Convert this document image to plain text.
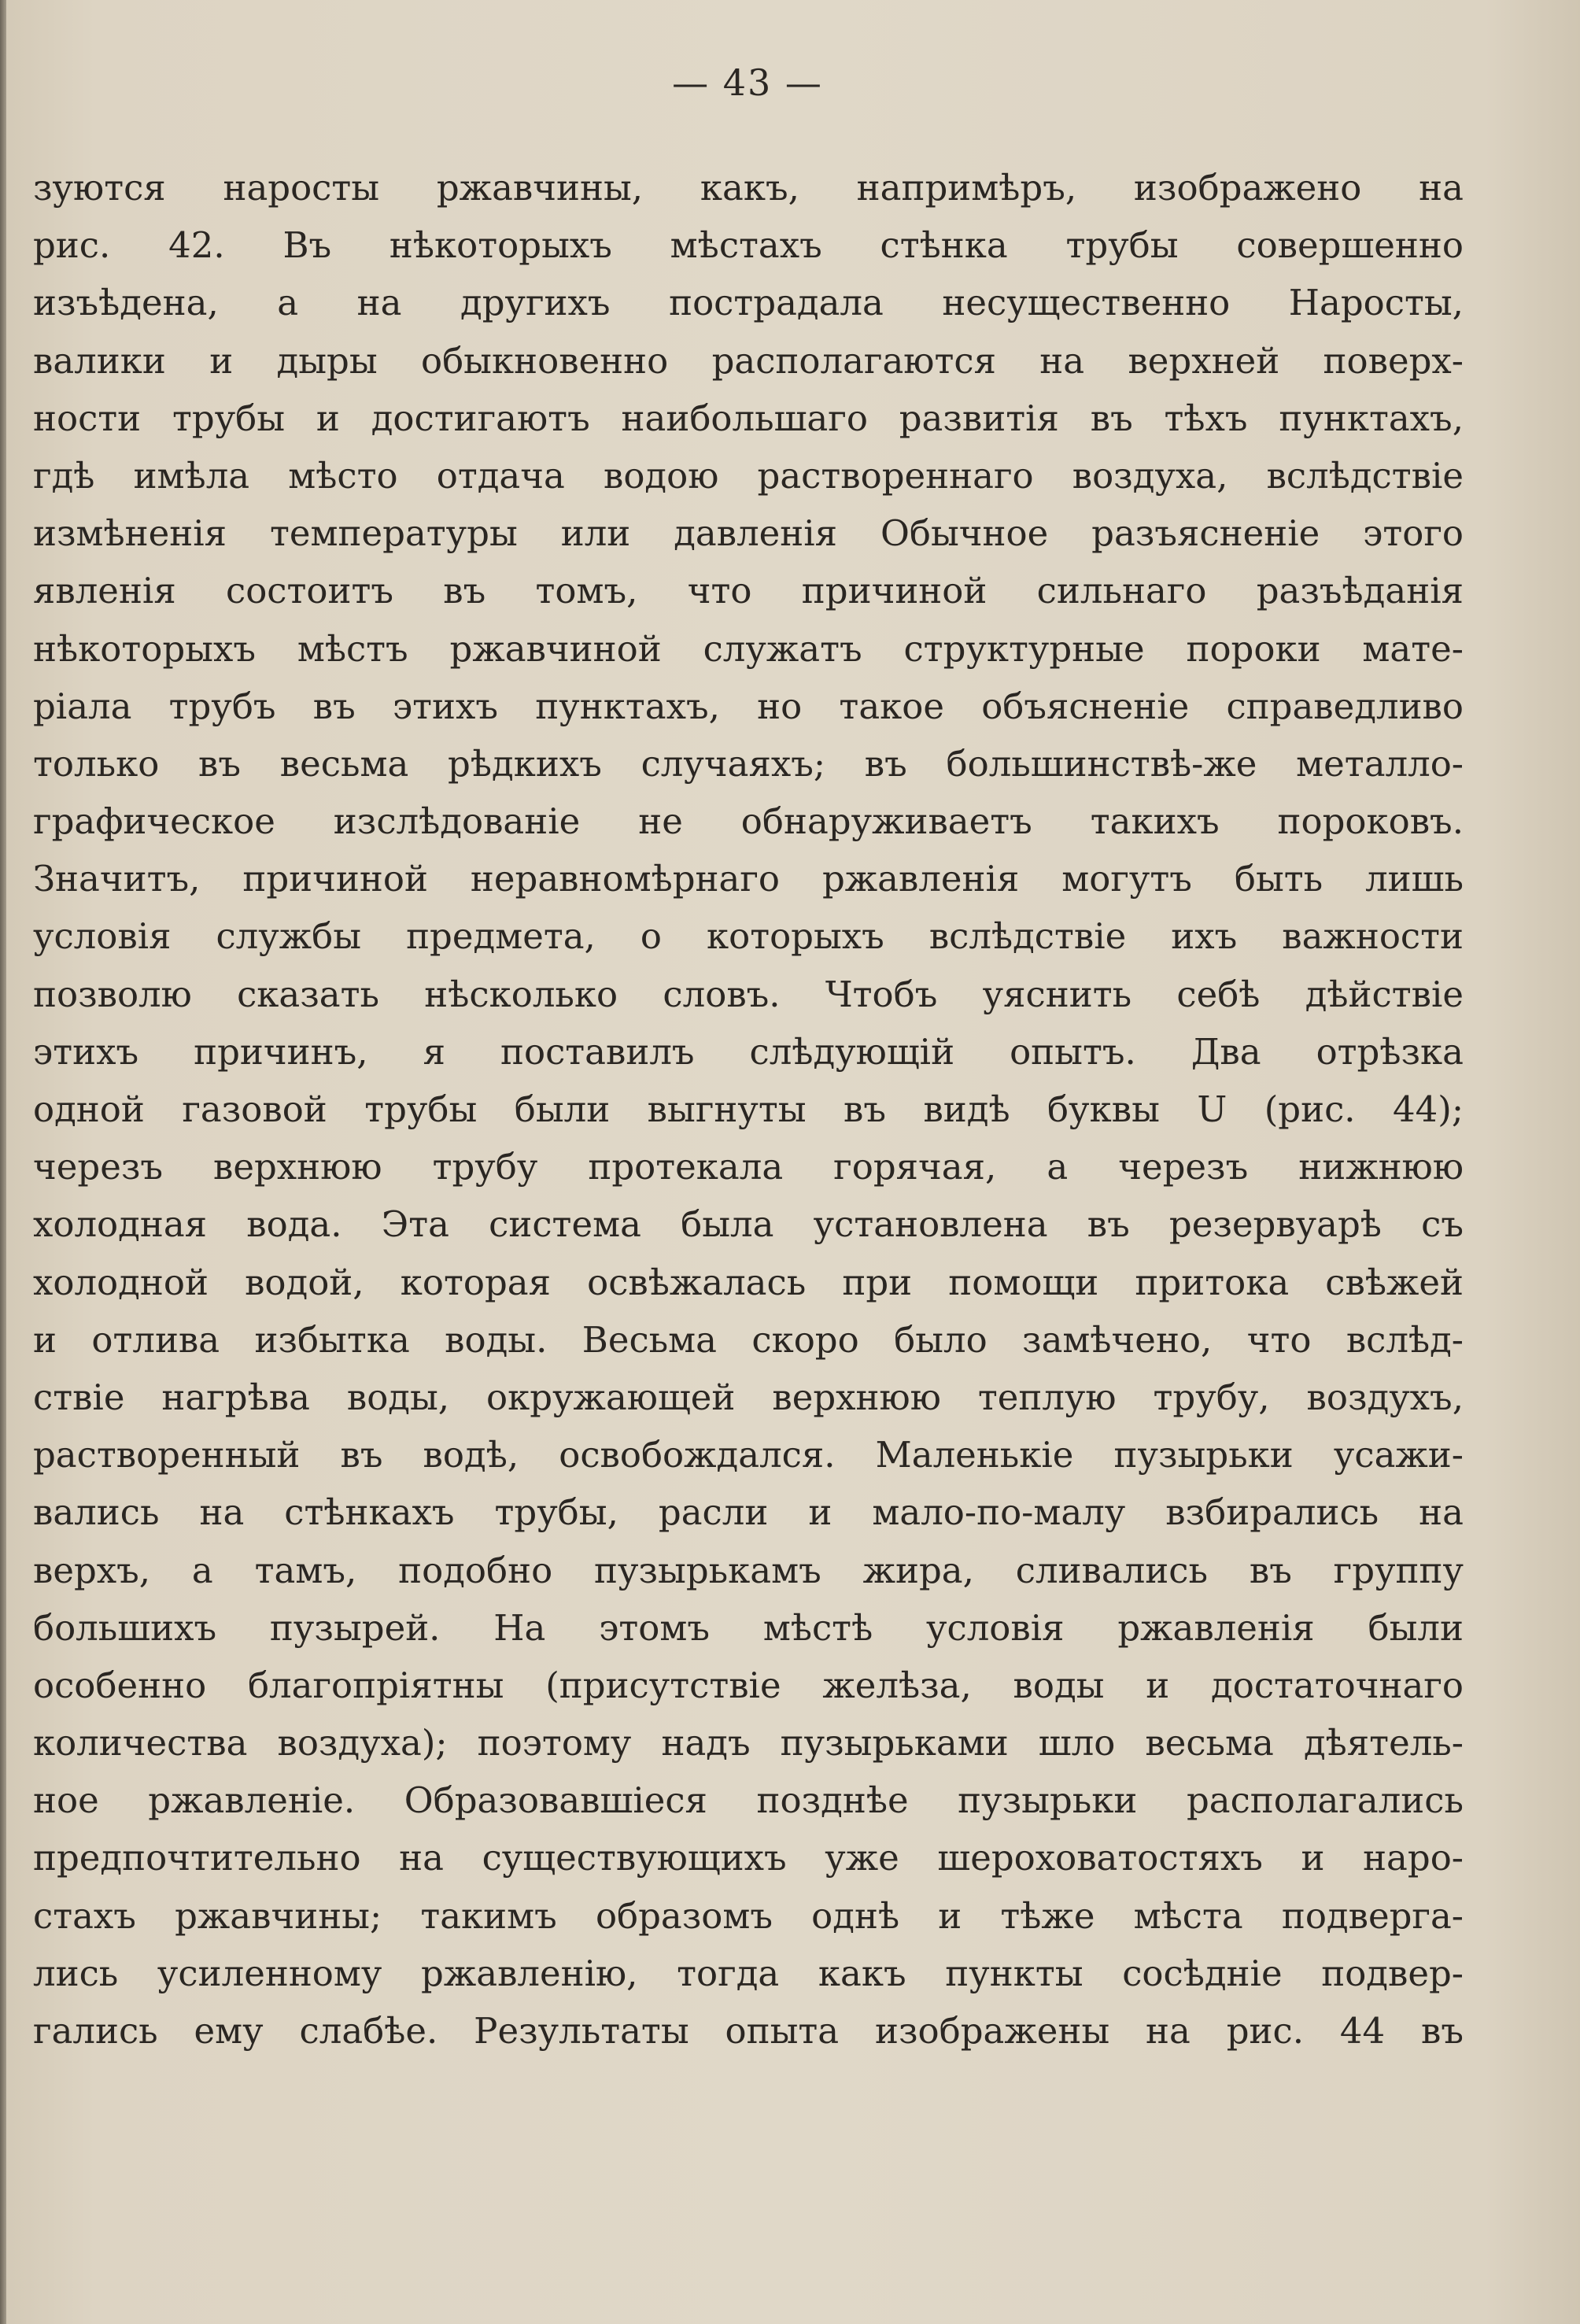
— 43 —
зуются наросты ржавчины, какъ, напримѣръ, изображено на
рис. 42. Въ нѣкоторыхъ мѣстахъ стѣнка трубы совершенно
изъѣдена, а на другихъ пострадала несущественно Наросты,
валики и дыры обыкновенно располагаются на верхней поверх-
ности трубы и достигаютъ наибольшаго развитія въ тѣхъ пунктахъ,
гдѣ имѣла мѣсто отдача водою раствореннаго воздуха, вслѣдствіе
измѣненія температуры или давленія Обычное разъясненіе этого
явленія состоитъ въ томъ, что причиной сильнаго разъѣданія
нѣкоторыхъ мѣстъ ржавчиной служатъ структурные пороки мате-
ріала трубъ въ этихъ пунктахъ, но такое объясненіе справедливо
только въ весьма рѣдкихъ случаяхъ; въ большинствѣ-же металло-
графическое изслѣдованіе не обнаруживаетъ такихъ пороковъ.
Значитъ, причиной неравномѣрнаго ржавленія могутъ быть лишь
условія службы предмета, о которыхъ вслѣдствіе ихъ важности
позволю сказать нѣсколько словъ. Чтобъ уяснить себѣ дѣйствіе
этихъ причинъ, я поставилъ слѣдующій опытъ. Два отрѣзка
одной газовой трубы были выгнуты въ видѣ буквы U (рис. 44);
черезъ верхнюю трубу протекала горячая, а черезъ нижнюю
холодная вода. Эта система была установлена въ резервуарѣ съ
холодной водой, которая освѣжалась при помощи притока свѣжей
и отлива избытка воды. Весьма скоро было замѣчено, что вслѣд-
ствіе нагрѣва воды, окружающей верхнюю теплую трубу, воздухъ,
растворенный въ водѣ, освобождался. Маленькіе пузырьки усажи-
вались на стѣнкахъ трубы, расли и мало-по-малу взбирались на
верхъ, а тамъ, подобно пузырькамъ жира, сливались въ группу
большихъ пузырей. На этомъ мѣстѣ условія ржавленія были
особенно благопріятны (присутствіе желѣза, воды и достаточнаго
количества воздуха); поэтому надъ пузырьками шло весьма дѣятель-
ное ржавленіе. Образовавшіеся позднѣе пузырьки располагались
предпочтительно на существующихъ уже шероховатостяхъ и наро-
стахъ ржавчины; такимъ образомъ однѣ и тѣже мѣста подверга-
лись усиленному ржавленію, тогда какъ пункты сосѣдніе подвер-
гались ему слабѣе. Результаты опыта изображены на рис. 44 въ
